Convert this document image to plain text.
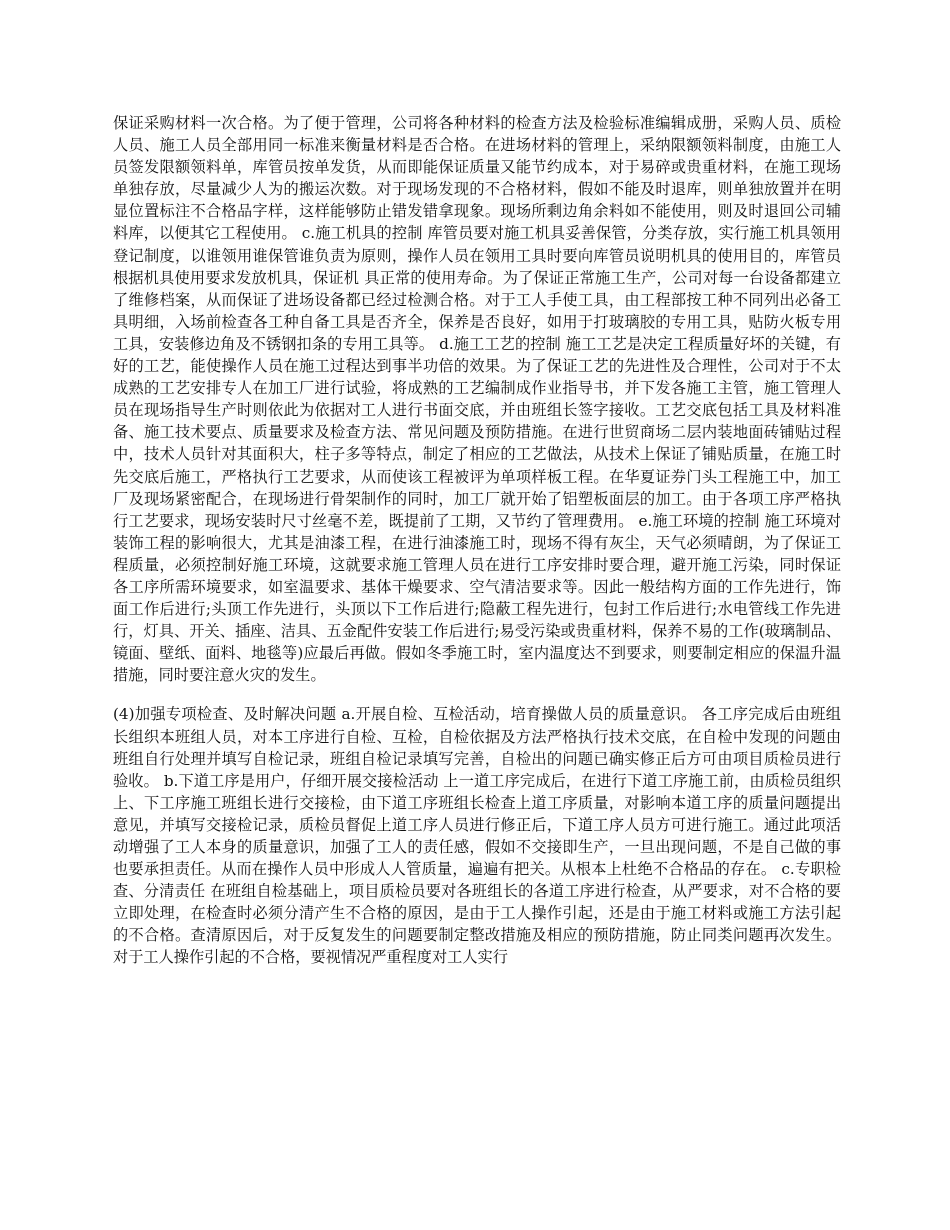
保证采购材料一次合格。为了便于管理，公司将各种材料的检查方法及检验标准编辑成册，采购人员、质检人员、施工人员全部用同一标准来衡量材料是否合格。在进场材料的管理上，采纳限额领料制度，由施工人员签发限额领料单，库管员按单发货，从而即能保证质量又能节约成本，对于易碎或贵重材料，在施工现场单独存放，尽量减少人为的搬运次数。对于现场发现的不合格材料，假如不能及时退库，则单独放置并在明显位置标注不合格品字样，这样能够防止错发错拿现象。现场所剩边角余料如不能使用，则及时退回公司辅料库，以便其它工程使用。 c.施工机具的控制 库管员要对施工机具妥善保管，分类存放，实行施工机具领用登记制度，以谁领用谁保管谁负责为原则，操作人员在领用工具时要向库管员说明机具的使用目的，库管员根据机具使用要求发放机具，保证机 具正常的使用寿命。为了保证正常施工生产，公司对每一台设备都建立了维修档案，从而保证了进场设备都已经过检测合格。对于工人手使工具，由工程部按工种不同列出必备工具明细，入场前检查各工种自备工具是否齐全，保养是否良好，如用于打玻璃胶的专用工具，贴防火板专用工具，安装修边角及不锈钢扣条的专用工具等。 d.施工工艺的控制 施工工艺是决定工程质量好坏的关键，有好的工艺，能使操作人员在施工过程达到事半功倍的效果。为了保证工艺的先进性及合理性，公司对于不太成熟的工艺安排专人在加工厂进行试验，将成熟的工艺编制成作业指导书，并下发各施工主管，施工管理人员在现场指导生产时则依此为依据对工人进行书面交底，并由班组长签字接收。工艺交底包括工具及材料准备、施工技术要点、质量要求及检查方法、常见问题及预防措施。在进行世贸商场二层内装地面砖铺贴过程中，技术人员针对其面积大，柱子多等特点，制定了相应的工艺做法，从技术上保证了铺贴质量，在施工时先交底后施工，严格执行工艺要求，从而使该工程被评为单项样板工程。在华夏证券门头工程施工中，加工厂及现场紧密配合，在现场进行骨架制作的同时，加工厂就开始了铝塑板面层的加工。由于各项工序严格执行工艺要求，现场安装时尺寸丝毫不差，既提前了工期，又节约了管理费用。 e.施工环境的控制 施工环境对装饰工程的影响很大，尤其是油漆工程，在进行油漆施工时，现场不得有灰尘，天气必须晴朗，为了保证工程质量，必须控制好施工环境，这就要求施工管理人员在进行工序安排时要合理，避开施工污染，同时保证各工序所需环境要求，如室温要求、基体干燥要求、空气清洁要求等。因此一般结构方面的工作先进行，饰面工作后进行;头顶工作先进行，头顶以下工作后进行;隐蔽工程先进行，包封工作后进行;水电管线工作先进行，灯具、开关、插座、洁具、五金配件安装工作后进行;易受污染或贵重材料，保养不易的工作(玻璃制品、镜面、壁纸、面料、地毯等)应最后再做。假如冬季施工时，室内温度达不到要求，则要制定相应的保温升温措施，同时要注意火灾的发生。

(4)加强专项检查、及时解决问题 a.开展自检、互检活动，培育操做人员的质量意识。 各工序完成后由班组长组织本班组人员，对本工序进行自检、互检，自检依据及方法严格执行技术交底，在自检中发现的问题由班组自行处理并填写自检记录，班组自检记录填写完善，自检出的问题已确实修正后方可由项目质检员进行验收。 b.下道工序是用户，仔细开展交接检活动 上一道工序完成后，在进行下道工序施工前，由质检员组织上、下工序施工班组长进行交接检，由下道工序班组长检查上道工序质量，对影响本道工序的质量问题提出意见，并填写交接检记录，质检员督促上道工序人员进行修正后，下道工序人员方可进行施工。通过此项活动增强了工人本身的质量意识，加强了工人的责任感，假如不交接即生产，一旦出现问题，不是自己做的事也要承担责任。从而在操作人员中形成人人管质量，遍遍有把关。从根本上杜绝不合格品的存在。 c.专职检查、分清责任 在班组自检基础上，项目质检员要对各班组长的各道工序进行检查，从严要求，对不合格的要立即处理，在检查时必须分清产生不合格的原因，是由于工人操作引起，还是由于施工材料或施工方法引起的不合格。查清原因后，对于反复发生的问题要制定整改措施及相应的预防措施，防止同类问题再次发生。对于工人操作引起的不合格，要视情况严重程度对工人实行
